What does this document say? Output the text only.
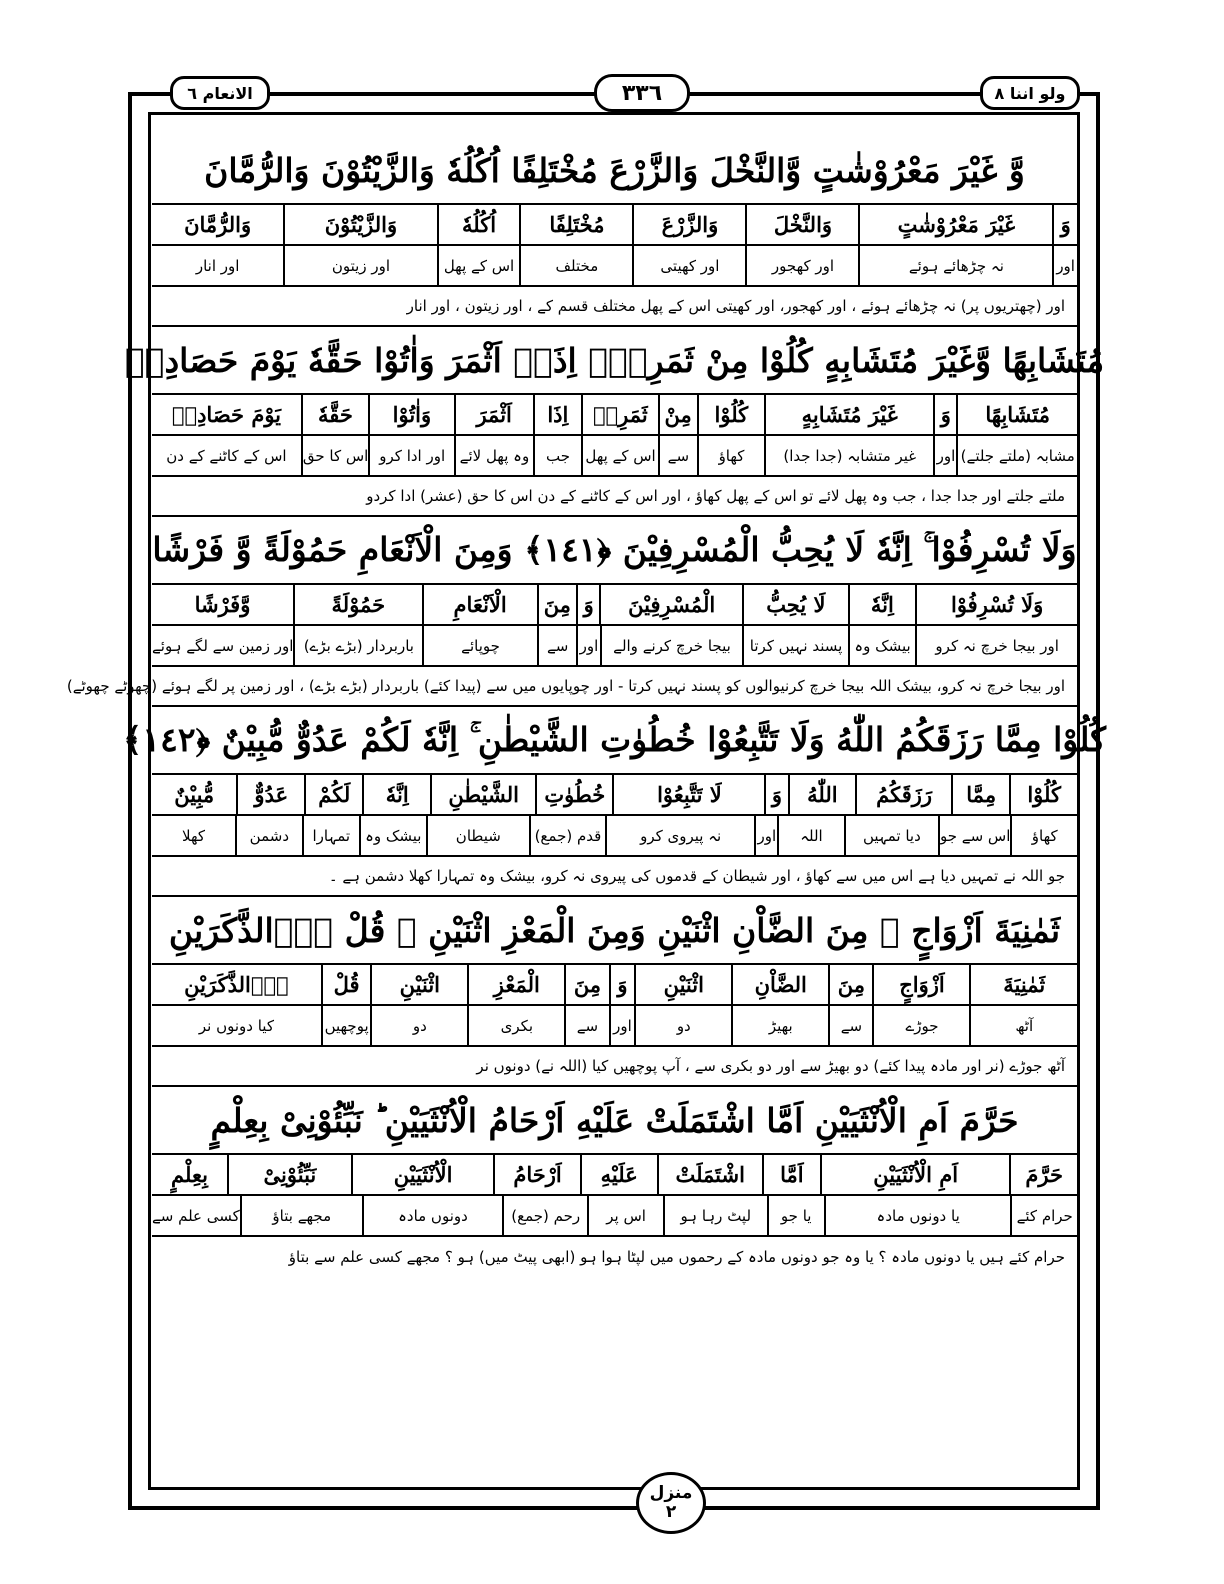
ولو اننا ٨
٣٣٦
الانعام ٦
وَّ غَيْرَ مَعْرُوْشٰتٍ وَّالنَّخْلَ وَالزَّرْعَ مُخْتَلِفًا اُكُلُهٗ وَالزَّيْتُوْنَ وَالرُّمَّانَ
وَ
غَيْرَ مَعْرُوْشٰتٍ
وَالنَّخْلَ
وَالزَّرْعَ
مُخْتَلِفًا
اُكُلُهٗ
وَالزَّيْتُوْنَ
وَالرُّمَّانَ
اور
نہ چڑھائے ہوئے
اور کھجور
اور کھیتی
مختلف
اس کے پھل
اور زیتون
اور انار
اور (چھتریوں پر) نہ چڑھائے ہوئے ، اور کھجور، اور کھیتی اس کے پھل مختلف قسم کے ، اور زیتون ، اور انار
مُتَشَابِهًا وَّغَيْرَ مُتَشَابِهٍ كُلُوْا مِنْ ثَمَرِهٖۤ اِذَاۤ اَثْمَرَ وَاٰتُوْا حَقَّهٗ يَوْمَ حَصَادِهٖ
مُتَشَابِهًا
وَ
غَيْرَ مُتَشَابِهٍ
كُلُوْا
مِنْ
ثَمَرِهٖ
اِذَا
اَثْمَرَ
وَاٰتُوْا
حَقَّهٗ
يَوْمَ حَصَادِهٖ
مشابہ (ملتے جلتے)
اور
غیر متشابہ (جدا جدا)
کھاؤ
سے
اس کے پھل
جب
وہ پھل لائے
اور ادا کرو
اس کا حق
اس کے کاٹنے کے دن
ملتے جلتے اور جدا جدا ، جب وہ پھل لائے تو اس کے پھل کھاؤ ، اور اس کے کاٹنے کے دن اس کا حق (عشر) ادا کردو
وَلَا تُسْرِفُوْا ۚ اِنَّهٗ لَا يُحِبُّ الْمُسْرِفِيْنَ ﴿١٤١﴾ وَمِنَ الْاَنْعَامِ حَمُوْلَةً وَّ فَرْشًا
وَلَا تُسْرِفُوْا
اِنَّهٗ
لَا يُحِبُّ
الْمُسْرِفِيْنَ
وَ
مِنَ
الْاَنْعَامِ
حَمُوْلَةً
وَّفَرْشًا
اور بیجا خرچ نہ کرو
بیشک وہ
پسند نہیں کرتا
بیجا خرچ کرنے والے
اور
سے
چوپائے
باربردار (بڑے بڑے)
اور زمین سے لگے ہوئے
اور بیجا خرچ نہ کرو، بیشک اللہ بیجا خرچ کرنیوالوں کو پسند نہیں کرتا - اور چوپایوں میں سے (پیدا کئے) باربردار (بڑے بڑے) ، اور زمین پر لگے ہوئے (چھوٹے چھوٹے)
كُلُوْا مِمَّا رَزَقَكُمُ اللّٰهُ وَلَا تَتَّبِعُوْا خُطُوٰتِ الشَّيْطٰنِ ۚ اِنَّهٗ لَكُمْ عَدُوٌّ مُّبِيْنٌ ﴿١٤٢﴾
كُلُوْا
مِمَّا
رَزَقَكُمُ
اللّٰهُ
وَ
لَا تَتَّبِعُوْا
خُطُوٰتِ
الشَّيْطٰنِ
اِنَّهٗ
لَكُمْ
عَدُوٌّ
مُّبِيْنٌ
کھاؤ
اس سے جو
دیا تمہیں
اللہ
اور
نہ پیروی کرو
قدم (جمع)
شیطان
بیشک وہ
تمہارا
دشمن
کھلا
جو اللہ نے تمہیں دیا ہے اس میں سے کھاؤ ، اور شیطان کے قدموں کی پیروی نہ کرو، بیشک وہ تمہارا کھلا دشمن ہے ۔
ثَمٰنِيَةَ اَزْوَاجٍ ۚ مِنَ الضَّاْنِ اثْنَيْنِ وَمِنَ الْمَعْزِ اثْنَيْنِ ۗ قُلْ ءٰۤالذَّكَرَيْنِ
ثَمٰنِيَةَ
اَزْوَاجٍ
مِنَ
الضَّاْنِ
اثْنَيْنِ
وَ
مِنَ
الْمَعْزِ
اثْنَيْنِ
قُلْ
ءٰۤالذَّكَرَيْنِ
آٹھ
جوڑے
سے
بھیڑ
دو
اور
سے
بکری
دو
پوچھیں
کیا دونوں نر
آٹھ جوڑے (نر اور مادہ پیدا کئے) دو بھیڑ سے اور دو بکری سے ، آپ پوچھیں کیا (اللہ نے) دونوں نر
حَرَّمَ اَمِ الْاُنْثَيَيْنِ اَمَّا اشْتَمَلَتْ عَلَيْهِ اَرْحَامُ الْاُنْثَيَيْنِ ؕ نَبِّئُوْنِىْ بِعِلْمٍ
حَرَّمَ
اَمِ الْاُنْثَيَيْنِ
اَمَّا
اشْتَمَلَتْ
عَلَيْهِ
اَرْحَامُ
الْاُنْثَيَيْنِ
نَبِّئُوْنِىْ
بِعِلْمٍ
حرام کئے
یا دونوں مادہ
یا جو
لپٹ رہا ہو
اس پر
رحم (جمع)
دونوں مادہ
مجھے بتاؤ
کسی علم سے
حرام کئے ہیں یا دونوں مادہ ؟ یا وہ جو دونوں مادہ کے رحموں میں لپٹا ہوا ہو (ابھی پیٹ میں) ہو ؟ مجھے کسی علم سے بتاؤ
منزل
٢
